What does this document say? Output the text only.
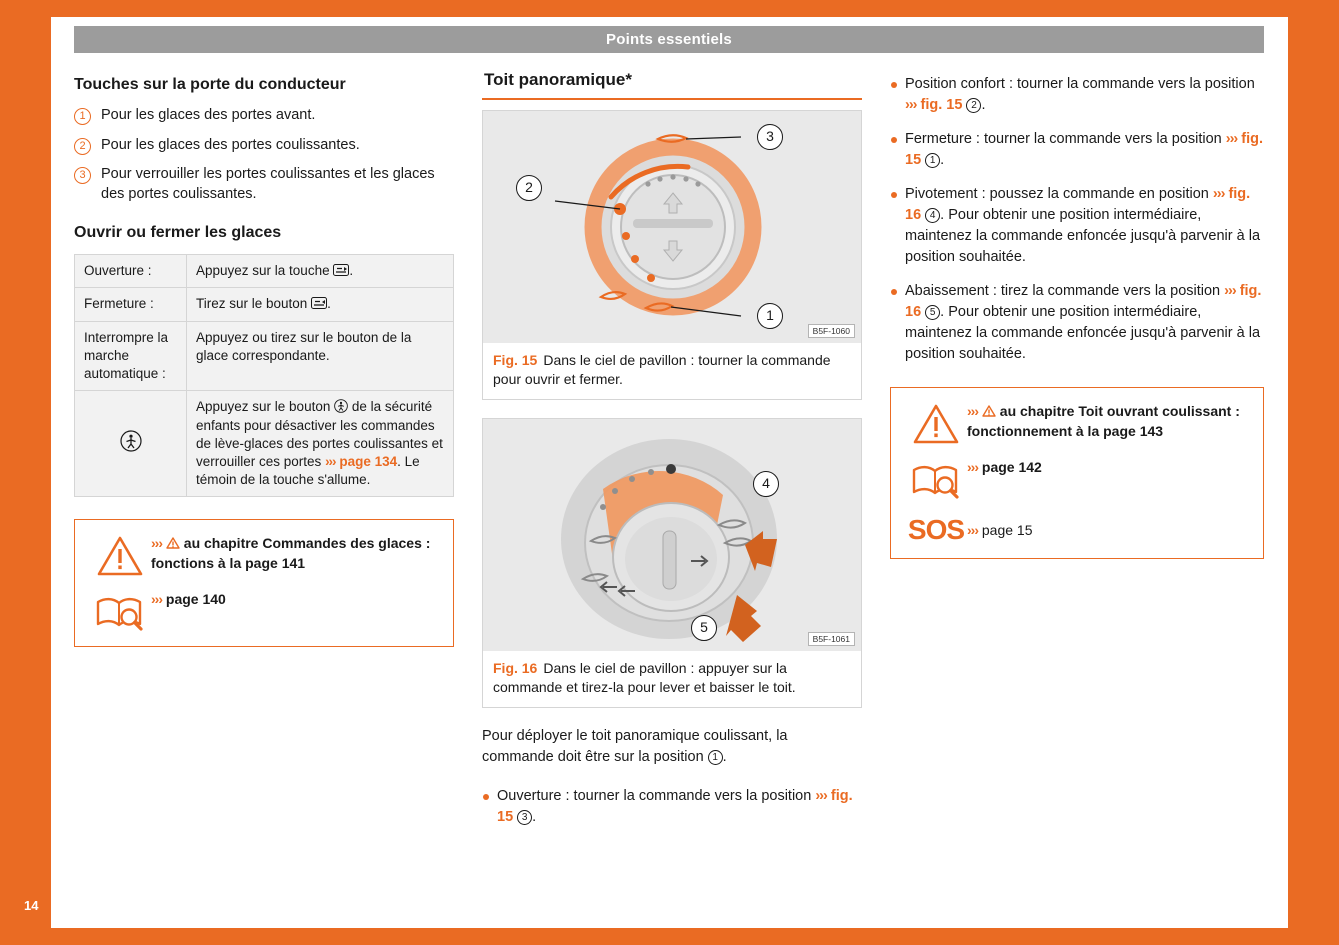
14
Points essentiels
Touches sur la porte du conducteur
1	Pour les glaces des portes avant.
2	Pour les glaces des portes coulissantes.
3	Pour verrouiller les portes coulissantes et les glaces des portes coulissantes.
Ouvrir ou fermer les glaces
Ouverture :	Appuyez sur la touche .
Fermeture :	Tirez sur le bouton .
Interrompre la marche automatique :	Appuyez ou tirez sur le bouton de la glace correspondante.
	Appuyez sur le bouton  de la sécurité enfants pour désactiver les commandes de lève-glaces des portes coulissantes et verrouiller ces portes ››› page 134. Le témoin de la touche s'allume.
››› au chapitre Commandes des glaces : fonctions à la page 141
››› page 140
Toit panoramique*
3
1
2
B5F-1060
Fig. 15 Dans le ciel de pavillon : tourner la commande pour ouvrir et fermer.
4
5
B5F-1061
Fig. 16 Dans le ciel de pavillon : appuyer sur la commande et tirez-la pour lever et baisser le toit.

Pour déployer le toit panoramique coulissant, la commande doit être sur la position 1 .

Ouverture : tourner la commande vers la position ››› fig. 15 3 .
Position confort : tourner la commande vers la position ››› fig. 15 2 .
Fermeture : tourner la commande vers la position ››› fig. 15 1 .
Pivotement : poussez la commande en position ››› fig. 16 4 . Pour obtenir une position intermédiaire, maintenez la commande enfoncée jusqu'à parvenir à la position souhaitée.
Abaissement : tirez la commande vers la position ››› fig. 16 5 . Pour obtenir une position intermédiaire, maintenez la commande enfoncée jusqu'à parvenir à la position souhaitée.
››› au chapitre Toit ouvrant coulissant : fonctionnement à la page 143
››› page 142
SOS ››› page 15
